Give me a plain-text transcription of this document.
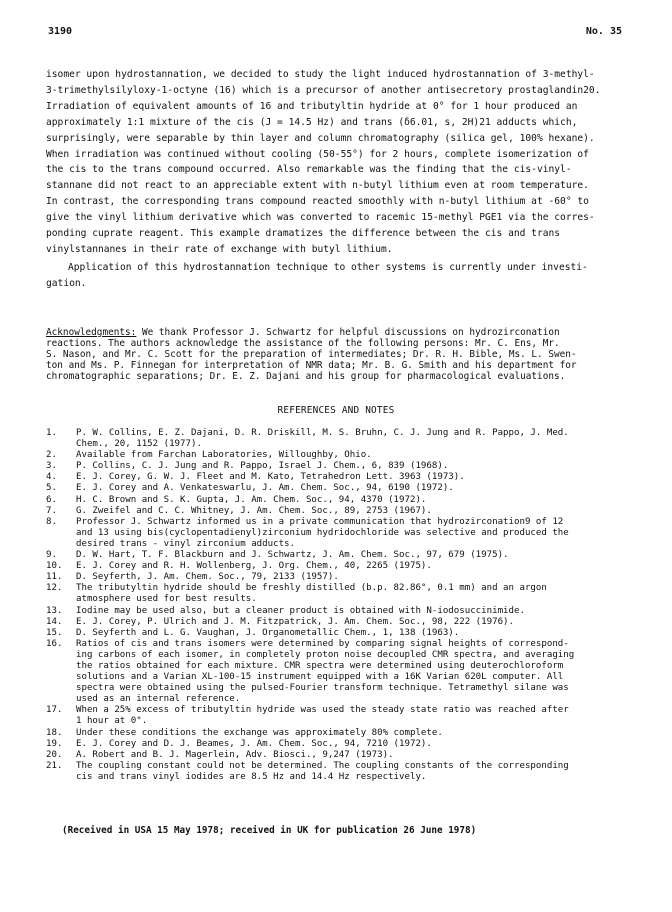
3190	No. 35
isomer upon hydrostannation, we decided to study the light induced hydrostannation of 3-methyl-
3-trimethylsilyloxy-1-octyne (16) which is a precursor of another antisecretory prostaglandin20.
Irradiation of equivalent amounts of 16 and tributyltin hydride at 0° for 1 hour produced an
approximately 1:1 mixture of the cis (J = 14.5 Hz) and trans (δ6.01, s, 2H)21 adducts which,
surprisingly, were separable by thin layer and column chromatography (silica gel, 100% hexane).
When irradiation was continued without cooling (50-55°) for 2 hours, complete isomerization of
the cis to the trans compound occurred. Also remarkable was the finding that the cis-vinyl-
stannane did not react to an appreciable extent with n-butyl lithium even at room temperature.
In contrast, the corresponding trans compound reacted smoothly with n-butyl lithium at -60° to
give the vinyl lithium derivative which was converted to racemic 15-methyl PGE1 via the corres-
ponding cuprate reagent. This example dramatizes the difference between the cis and trans
vinylstannanes in their rate of exchange with butyl lithium.
Application of this hydrostannation technique to other systems is currently under investi-
gation.
Acknowledgments: We thank Professor J. Schwartz for helpful discussions on hydrozirconation
reactions. The authors acknowledge the assistance of the following persons: Mr. C. Ens, Mr.
S. Nason, and Mr. C. Scott for the preparation of intermediates; Dr. R. H. Bible, Ms. L. Swen-
ton and Ms. P. Finnegan for interpretation of NMR data; Mr. B. G. Smith and his department for
chromatographic separations; Dr. E. Z. Dajani and his group for pharmacological evaluations.
REFERENCES AND NOTES
1.	P. W. Collins, E. Z. Dajani, D. R. Driskill, M. S. Bruhn, C. J. Jung and R. Pappo, J. Med.
Chem., 20, 1152 (1977).
2.	Available from Farchan Laboratories, Willoughby, Ohio.
3.	P. Collins, C. J. Jung and R. Pappo, Israel J. Chem., 6, 839 (1968).
4.	E. J. Corey, G. W. J. Fleet and M. Kato, Tetrahedron Lett. 3963 (1973).
5.	E. J. Corey and A. Venkateswarlu, J. Am. Chem. Soc., 94, 6190 (1972).
6.	H. C. Brown and S. K. Gupta, J. Am. Chem. Soc., 94, 4370 (1972).
7.	G. Zweifel and C. C. Whitney, J. Am. Chem. Soc., 89, 2753 (1967).
8.	Professor J. Schwartz informed us in a private communication that hydrozirconation9 of 12
and 13 using bis(cyclopentadienyl)zirconium hydridochloride was selective and produced the
desired trans - vinyl zirconium adducts.
9.	D. W. Hart, T. F. Blackburn and J. Schwartz, J. Am. Chem. Soc., 97, 679 (1975).
10.	E. J. Corey and R. H. Wollenberg, J. Org. Chem., 40, 2265 (1975).
11.	D. Seyferth, J. Am. Chem. Soc., 79, 2133 (1957).
12.	The tributyltin hydride should be freshly distilled (b.p. 82.86°, 0.1 mm) and an argon
atmosphere used for best results.
13.	Iodine may be used also, but a cleaner product is obtained with N-iodosuccinimide.
14.	E. J. Corey, P. Ulrich and J. M. Fitzpatrick, J. Am. Chem. Soc., 98, 222 (1976).
15.	D. Seyferth and L. G. Vaughan, J. Organometallic Chem., 1, 138 (1963).
16.	Ratios of cis and trans isomers were determined by comparing signal heights of correspond-
ing carbons of each isomer, in completely proton noise decoupled CMR spectra, and averaging
the ratios obtained for each mixture. CMR spectra were determined using deuterochloroform
solutions and a Varian XL-100-15 instrument equipped with a 16K Varian 620L computer. All
spectra were obtained using the pulsed-Fourier transform technique. Tetramethyl silane was
used as an internal reference.
17.	When a 25% excess of tributyltin hydride was used the steady state ratio was reached after
1 hour at 0°.
18.	Under these conditions the exchange was approximately 80% complete.
19.	E. J. Corey and D. J. Beames, J. Am. Chem. Soc., 94, 7210 (1972).
20.	A. Robert and B. J. Magerlein, Adv. Biosci., 9,247 (1973).
21.	The coupling constant could not be determined. The coupling constants of the corresponding
cis and trans vinyl iodides are 8.5 Hz and 14.4 Hz respectively.
(Received in USA 15 May 1978; received in UK for publication 26 June 1978)
